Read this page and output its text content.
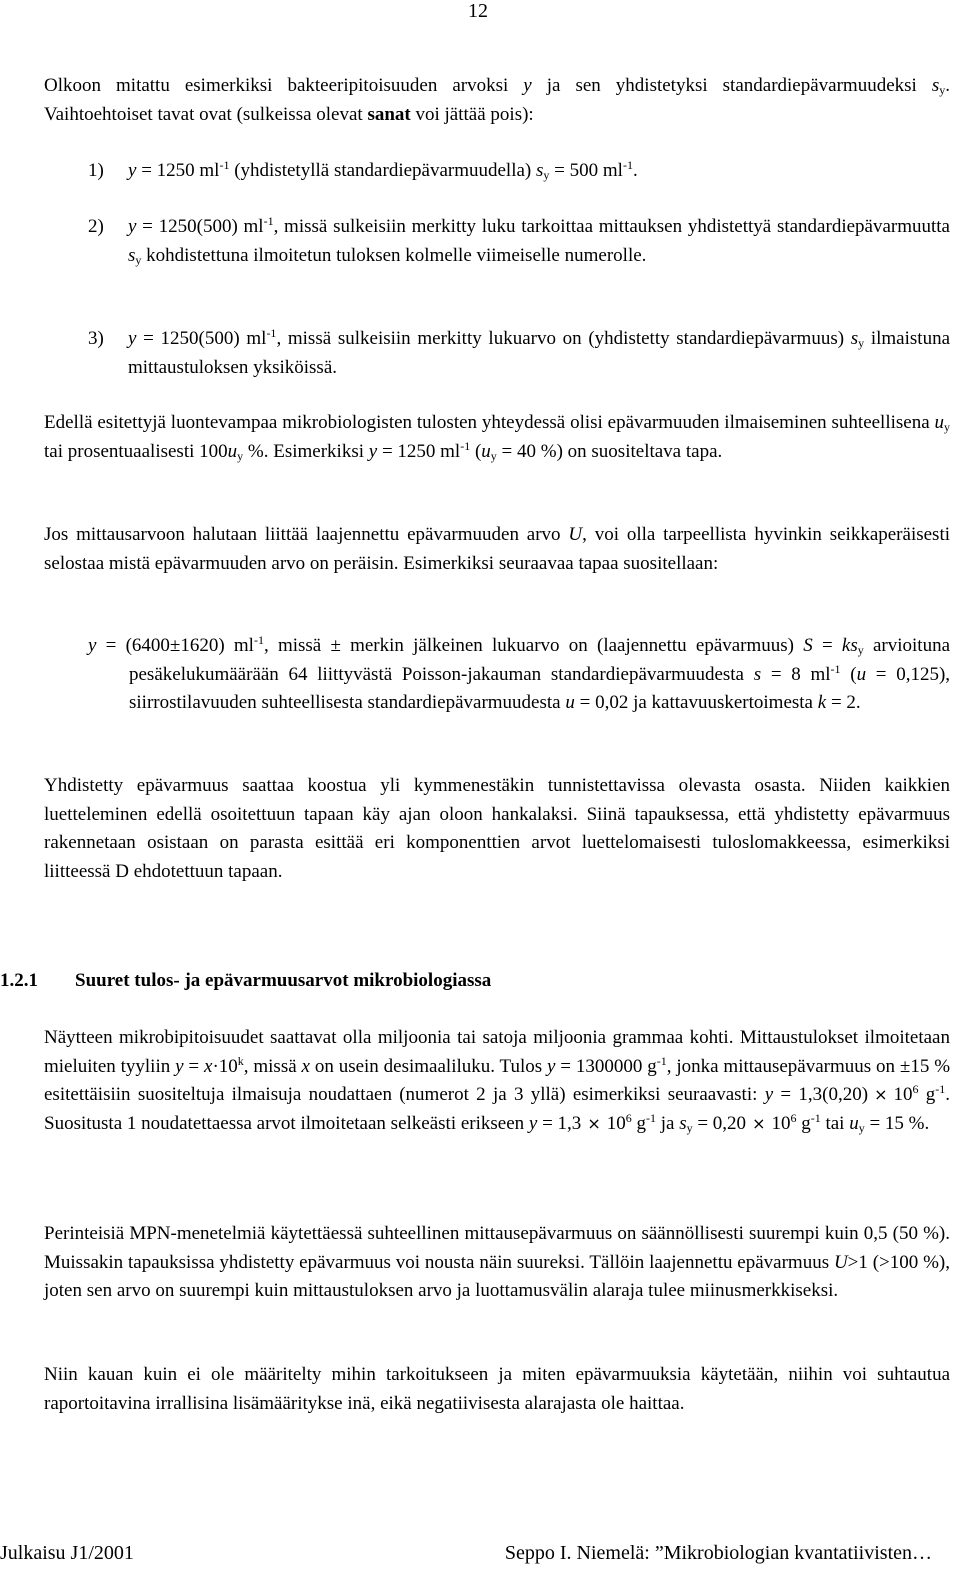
12
Olkoon mitattu esimerkiksi bakteeripitoisuuden arvoksi y ja sen yhdistetyksi standardiepävarmuudeksi $s_y$. Vaihtoehtoiset tavat ovat (sulkeissa olevat sanat voi jättää pois):
1)	y = 1250 $ml^{-1}$ (yhdistetyllä standardiepävarmuudella) $s_y = 500$ $ml^{-1}$.
2)	y = 1250(500) $ml^{-1}$, missä sulkeisiin merkitty luku tarkoittaa mittauksen yhdistettyä standardiepävarmuutta $s_y$ kohdistettuna ilmoitetun tuloksen kolmelle viimeiselle numerolle.
3)	y = 1250(500) $ml^{-1}$, missä sulkeisiin merkitty lukuarvo on (yhdistetty standardiepävarmuus) $s_y$ ilmaistuna mittaustuloksen yksiköissä.
Edellä esitettyjä luontevampaa mikrobiologisten tulosten yhteydessä olisi epävarmuuden ilmaiseminen suhteellisena $u_y$ tai prosentuaalisesti $100u_y$ %. Esimerkiksi y = 1250 $ml^{-1}$ ($u_y = 40$ %) on suositeltava tapa.
Jos mittausarvoon halutaan liittää laajennettu epävarmuuden arvo U, voi olla tarpeellista hyvinkin seikkaperäisesti selostaa mistä epävarmuuden arvo on peräisin. Esimerkiksi seuraavaa tapaa suositellaan:
y = (6400±1620) $ml^{-1}$, missä ± merkin jälkeinen lukuarvo on (laajennettu epävarmuus) $S = ks_y$ arvioituna pesäkelukumäärään 64 liittyvästä Poisson-jakauman standardiepävarmuudesta s = 8 $ml^{-1}$ (u = 0,125), siirrostilavuuden suhteellisesta standardiepävarmuudesta u = 0,02 ja kattavuuskertoimesta k = 2.
Yhdistetty epävarmuus saattaa koostua yli kymmenestäkin tunnistettavissa olevasta osasta. Niiden kaikkien luetteleminen edellä osoitettuun tapaan käy ajan oloon hankalaksi. Siinä tapauksessa, että yhdistetty epävarmuus rakennetaan osistaan on parasta esittää eri komponenttien arvot luettelomaisesti tuloslomakkeessa, esimerkiksi liitteessä D ehdotettuun tapaan.
1.2.1	Suuret tulos- ja epävarmuusarvot mikrobiologiassa
Näytteen mikrobipitoisuudet saattavat olla miljoonia tai satoja miljoonia grammaa kohti. Mittaustulokset ilmoitetaan mieluiten tyyliin $y = x\cdot 10^k$, missä x on usein desimaaliluku. Tulos y = 1300000 $g^{-1}$, jonka mittausepävarmuus on ±15 % esitettäisiin suositeltuja ilmaisuja noudattaen (numerot 2 ja 3 yllä) esimerkiksi seuraavasti: $y = 1,3(0,20) \times 10^6$ $g^{-1}$. Suositusta 1 noudatettaessa arvot ilmoitetaan selkeästi erikseen $y = 1,3 \times 10^6$ $g^{-1}$ ja $s_y = 0,20 \times 10^6$ $g^{-1}$ tai $u_y = 15$ %.
Perinteisiä MPN-menetelmiä käytettäessä suhteellinen mittausepävarmuus on säännöllisesti suurempi kuin 0,5 (50 %). Muissakin tapauksissa yhdistetty epävarmuus voi nousta näin suureksi. Tällöin laajennettu epävarmuus U>1 (>100 %), joten sen arvo on suurempi kuin mittaustuloksen arvo ja luottamusvälin alaraja tulee miinusmerkkiseksi.
Niin kauan kuin ei ole määritelty mihin tarkoitukseen ja miten epävarmuuksia käytetään, niihin voi suhtautua raportoitavina irrallisina lisämääritykse inä, eikä negatiivisesta alarajasta ole haittaa.
Julkaisu J1/2001	Seppo I. Niemelä: ”Mikrobiologian kvantatiivisten…
